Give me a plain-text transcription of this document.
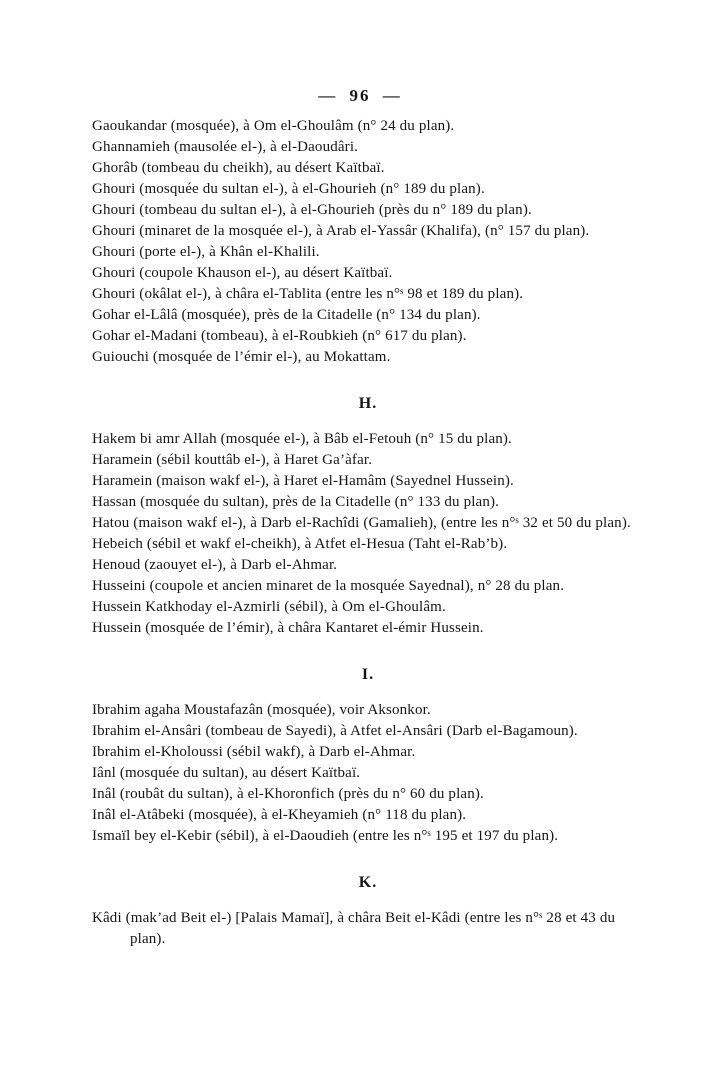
— 96 —

Gaoukandar (mosquée), à Om el-Ghoulâm (n° 24 du plan).

Ghannamieh (mausolée el-), à el-Daoudâri.

Ghorâb (tombeau du cheikh), au désert Kaïtbaï.

Ghouri (mosquée du sultan el-), à el-Ghourieh (n° 189 du plan).

Ghouri (tombeau du sultan el-), à el-Ghourieh (près du n° 189 du plan).

Ghouri (minaret de la mosquée el-), à Arab el-Yassâr (Khalifa), (n° 157 du plan).

Ghouri (porte el-), à Khân el-Khalili.

Ghouri (coupole Khauson el-), au désert Kaïtbaï.

Ghouri (okâlat el-), à châra el-Tablita (entre les n°ˢ 98 et 189 du plan).

Gohar el-Lâlâ (mosquée), près de la Citadelle (n° 134 du plan).

Gohar el-Madani (tombeau), à el-Roubkieh (n° 617 du plan).

Guiouchi (mosquée de l’émir el-), au Mokattam.

H.

Hakem bi amr Allah (mosquée el-), à Bâb el-Fetouh (n° 15 du plan).

Haramein (sébil kouttâb el-), à Haret Ga’àfar.

Haramein (maison wakf el-), à Haret el-Hamâm (Sayednel Hussein).

Hassan (mosquée du sultan), près de la Citadelle (n° 133 du plan).

Hatou (maison wakf el-), à Darb el-Rachîdi (Gamalieh), (entre les n°ˢ 32 et 50 du plan).

Hebeich (sébil et wakf el-cheikh), à Atfet el-Hesua (Taht el-Rab’b).

Henoud (zaouyet el-), à Darb el-Ahmar.

Husseini (coupole et ancien minaret de la mosquée Sayednal), n° 28 du plan.

Hussein Katkhoday el-Azmirli (sébil), à Om el-Ghoulâm.

Hussein (mosquée de l’émir), à châra Kantaret el-émir Hussein.

I.

Ibrahim agaha Moustafazân (mosquée), voir Aksonkor.

Ibrahim el-Ansâri (tombeau de Sayedi), à Atfet el-Ansâri (Darb el-Bagamoun).

Ibrahim el-Kholoussi (sébil wakf), à Darb el-Ahmar.

Iânl (mosquée du sultan), au désert Kaïtbaï.

Inâl (roubât du sultan), à el-Khoronfich (près du n° 60 du plan).

Inâl el-Atâbeki (mosquée), à el-Kheyamieh (n° 118 du plan).

Ismaïl bey el-Kebir (sébil), à el-Daoudieh (entre les n°ˢ 195 et 197 du plan).

K.

Kâdi (mak’ad Beit el-) [Palais Mamaï], à châra Beit el-Kâdi (entre les n°ˢ 28 et 43 du plan).
